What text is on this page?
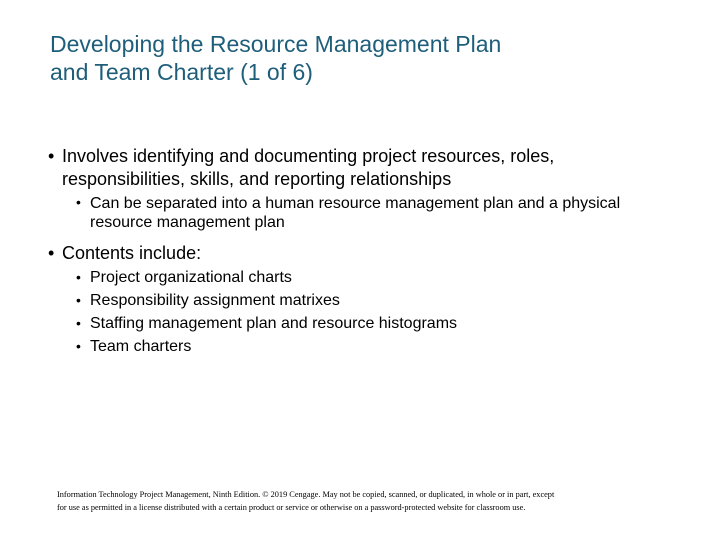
Developing the Resource Management Plan
and Team Charter (1 of 6)
• Involves identifying and documenting project resources, roles, responsibilities, skills, and reporting relationships
• Can be separated into a human resource management plan and a physical resource management plan
• Contents include:
• Project organizational charts
• Responsibility assignment matrixes
• Staffing management plan and resource histograms
• Team charters
Information Technology Project Management, Ninth Edition. © 2019 Cengage. May not be copied, scanned, or duplicated, in whole or in part, except
for use as permitted in a license distributed with a certain product or service or otherwise on a password-protected website for classroom use.
